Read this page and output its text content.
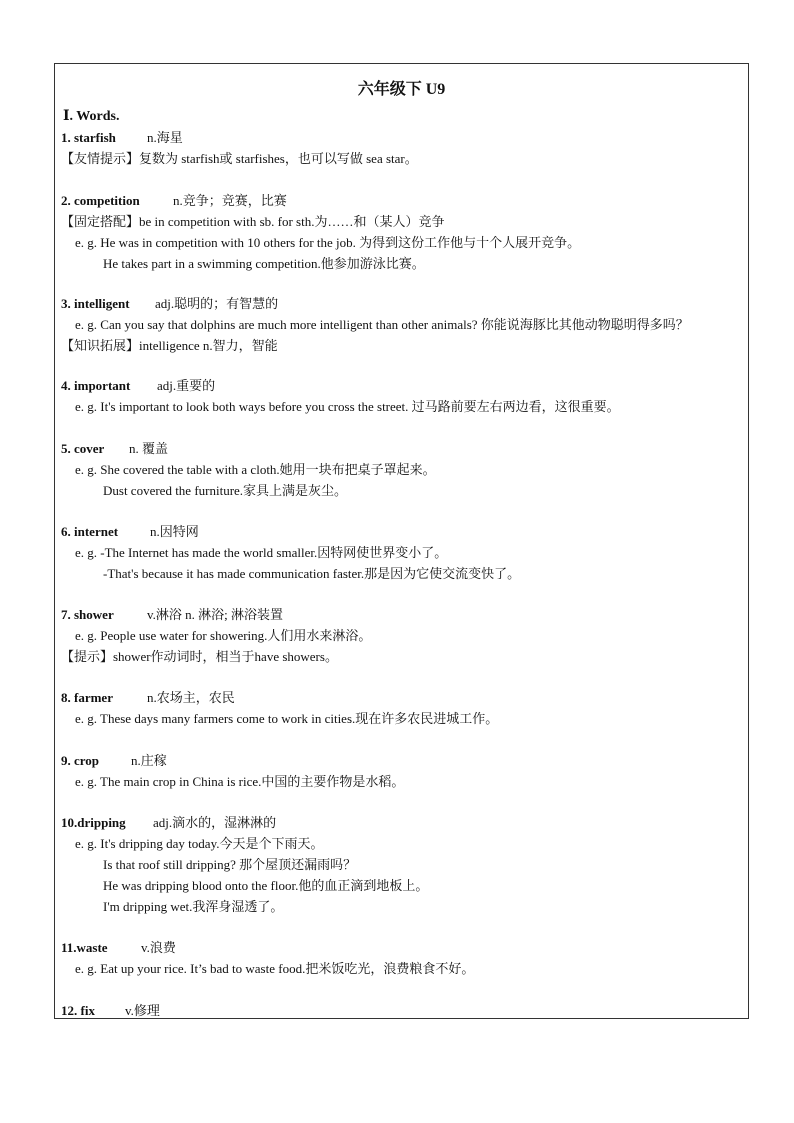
六年级下 U9
Ⅰ. Words.
1. starfish n.海星
【友情提示】复数为 starfish或 starfishes，也可以写做 sea star。
2. competition	n.竞争；竞赛，比赛
【固定搭配】be in competition with sb. for sth.为……和（某人）竞争
e. g. He was in competition with 10 others for the job. 为得到这份工作他与十个人展开竞争。
He takes part in a swimming competition.他参加游泳比赛。
3. intelligent adj.聪明的；有智慧的
e. g. Can you say that dolphins are much more intelligent than other animals? 你能说海豚比其他动物聪明得多吗？
【知识拓展】intelligence n.智力，智能
4. important adj.重要的
e. g. It's important to look both ways before you cross the street. 过马路前要左右两边看，这很重要。
5. cover n. 覆盖
e. g. She covered the table with a cloth.她用一块布把桌子罩起来。
Dust covered the furniture.家具上满是灰尘。
6. internet n.因特网
e. g. -The Internet has made the world smaller.因特网使世界变小了。
-That's because it has made communication faster.那是因为它使交流变快了。
7. shower	v.淋浴 n. 淋浴; 淋浴装置
e. g. People use water for showering.人们用水来淋浴。
【提示】shower作动词时，相当于have showers。
8. farmer	n.农场主，农民
e. g. These days many farmers come to work in cities.现在许多农民进城工作。
9. crop n.庄稼
e. g. The main crop in China is rice.中国的主要作物是水稻。
10.dripping adj.滴水的，湿淋淋的
e. g. It's dripping day today.今天是个下雨天。
Is that roof still dripping? 那个屋顶还漏雨吗？
He was dripping blood onto the floor.他的血正滴到地板上。
I'm dripping wet.我浑身湿透了。
11.waste	v.浪费
e. g. Eat up your rice. It’s bad to waste food.把米饭吃光，浪费粮食不好。
12. fix v.修理
